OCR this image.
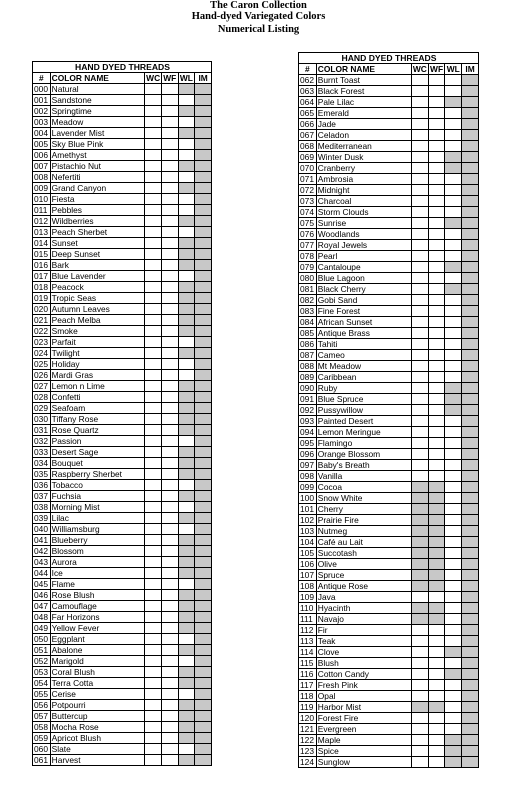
The Caron Collection
Hand-dyed Variegated Colors
Numerical Listing
HAND DYED THREADS					
#	COLOR NAME	WC	WF	WL	IM
000	Natural				
001	Sandstone				
002	Springtime				
003	Meadow				
004	Lavender Mist				
005	Sky Blue Pink				
006	Amethyst				
007	Pistachio Nut				
008	Nefertiti				
009	Grand Canyon				
010	Fiesta				
011	Pebbles				
012	Wildberries				
013	Peach Sherbet				
014	Sunset				
015	Deep Sunset				
016	Bark				
017	Blue Lavender				
018	Peacock				
019	Tropic Seas				
020	Autumn Leaves				
021	Peach Melba				
022	Smoke				
023	Parfait				
024	Twilight				
025	Holiday				
026	Mardi Gras				
027	Lemon n Lime				
028	Confetti				
029	Seafoam				
030	Tiffany Rose				
031	Rose Quartz				
032	Passion				
033	Desert Sage				
034	Bouquet				
035	Raspberry Sherbet				
036	Tobacco				
037	Fuchsia				
038	Morning Mist				
039	Lilac				
040	Williamsburg				
041	Blueberry				
042	Blossom				
043	Aurora				
044	Ice				
045	Flame				
046	Rose Blush				
047	Camouflage				
048	Far Horizons				
049	Yellow Fever				
050	Eggplant				
051	Abalone				
052	Marigold				
053	Coral Blush				
054	Terra Cotta				
055	Cerise				
056	Potpourri				
057	Buttercup				
058	Mocha Rose				
059	Apricot Blush				
060	Slate				
061	Harvest				
HAND DYED THREADS					
#	COLOR NAME	WC	WF	WL	IM
062	Burnt Toast				
063	Black Forest				
064	Pale Lilac				
065	Emerald				
066	Jade				
067	Celadon				
068	Mediterranean				
069	Winter Dusk				
070	Cranberry				
071	Ambrosia				
072	Midnight				
073	Charcoal				
074	Storm Clouds				
075	Sunrise				
076	Woodlands				
077	Royal Jewels				
078	Pearl				
079	Cantaloupe				
080	Blue Lagoon				
081	Black Cherry				
082	Gobi Sand				
083	Fine Forest				
084	African Sunset				
085	Antique Brass				
086	Tahiti				
087	Cameo				
088	Mt Meadow				
089	Caribbean				
090	Ruby				
091	Blue Spruce				
092	Pussywillow				
093	Painted Desert				
094	Lemon Meringue				
095	Flamingo				
096	Orange Blossom				
097	Baby's Breath				
098	Vanilla				
099	Cocoa				
100	Snow White				
101	Cherry				
102	Prairie Fire				
103	Nutmeg				
104	Café au Lait				
105	Succotash				
106	Olive				
107	Spruce				
108	Antique Rose				
109	Java				
110	Hyacinth				
111	Navajo				
112	Fir				
113	Teak				
114	Clove				
115	Blush				
116	Cotton Candy				
117	Fresh Pink				
118	Opal				
119	Harbor Mist				
120	Forest Fire				
121	Evergreen				
122	Maple				
123	Spice				
124	Sunglow				
